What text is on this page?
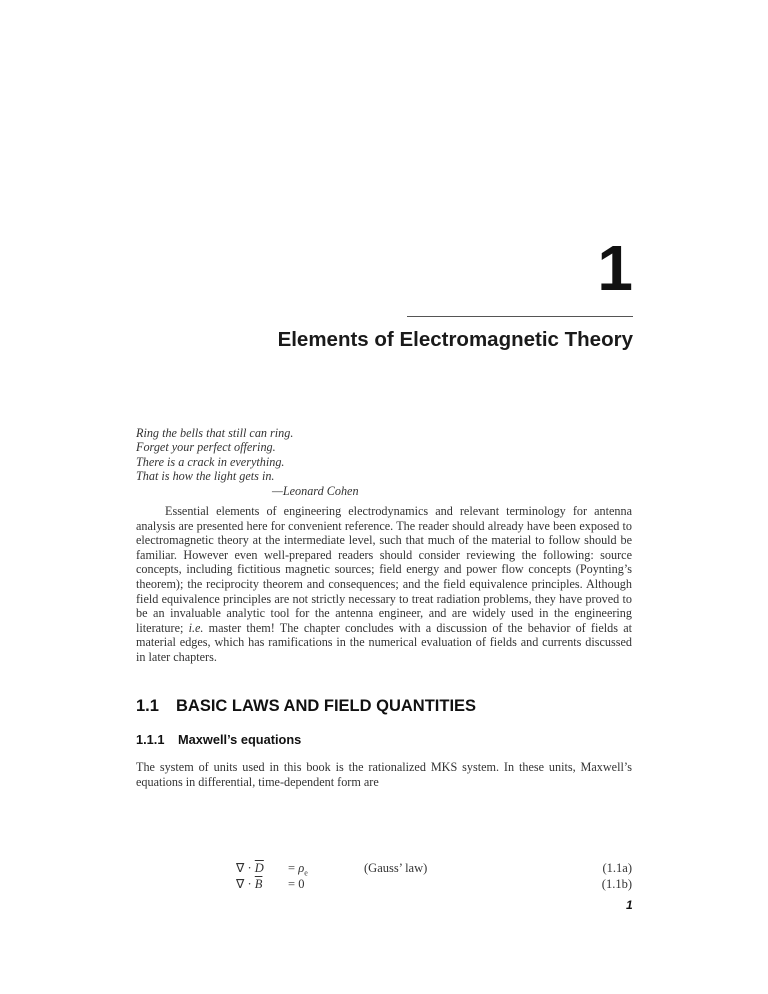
1
Elements of Electromagnetic Theory
Ring the bells that still can ring.
Forget your perfect offering.
There is a crack in everything.
That is how the light gets in.
—Leonard Cohen

Essential elements of engineering electrodynamics and relevant terminology for antenna analysis are presented here for convenient reference. The reader should already have been exposed to electromagnetic theory at the intermediate level, such that much of the material to follow should be familiar. However even well-prepared readers should consider reviewing the following: source concepts, including fictitious magnetic sources; field energy and power flow concepts (Poynting’s theorem); the reciprocity theorem and consequences; and the field equivalence principles. Although field equivalence principles are not strictly necessary to treat radiation problems, they have proved to be an invaluable analytic tool for the antenna engineer, and are widely used in the engineering literature; i.e. master them! The chapter concludes with a discussion of the behavior of fields at material edges, which has ramifications in the numerical evaluation of fields and currents discussed in later chapters.

1.1 BASIC LAWS AND FIELD QUANTITIES
1.1.1 Maxwell’s equations

The system of units used in this book is the rationalized MKS system. In these units, Maxwell’s equations in differential, time-dependent form are

∇ · $\overline{D} = \rho_e$	(Gauss’ law)	(1.1a)
∇ · $\overline{B} = 0$	(1.1b)
1
